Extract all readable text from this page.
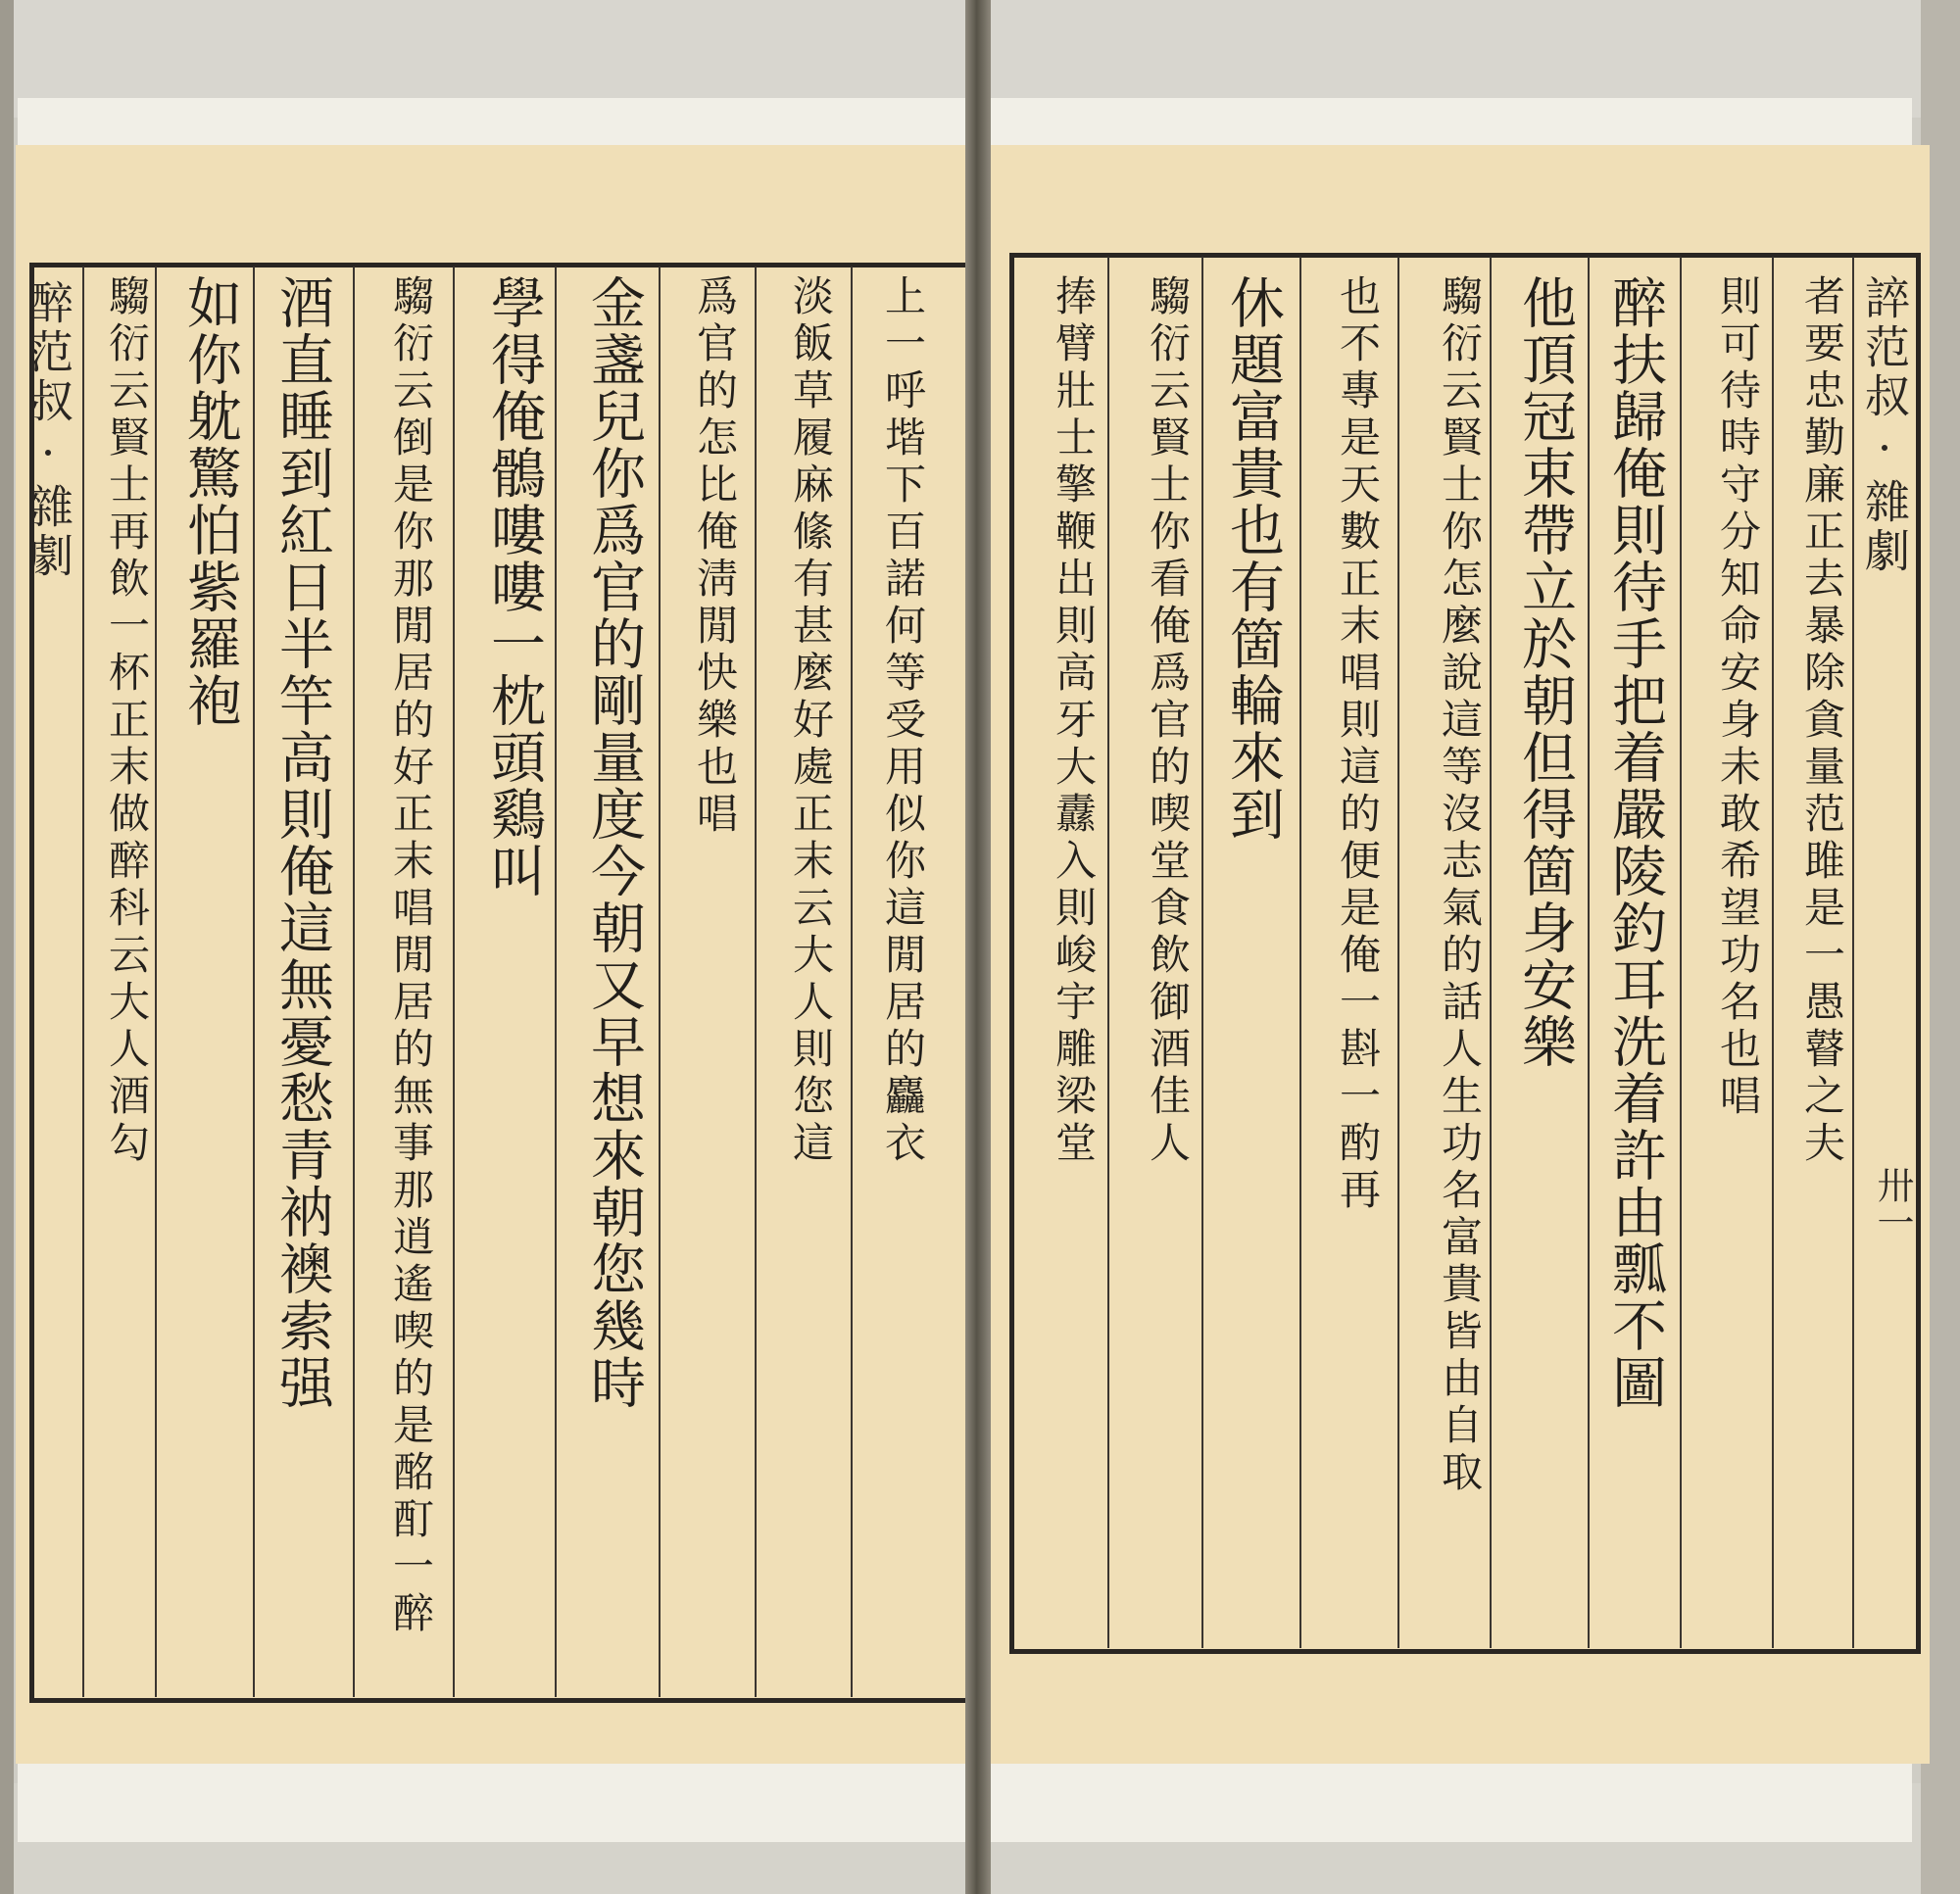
醉范叔·雜劇	上一呼堦下百諾何等受用似你這閒居的麤衣
淡飯草履麻絛有甚麼好處正末云大人則您這
爲官的怎比俺淸閒快樂也唱
金盞兒你爲官的剛量度今朝又早想來朝您幾時
學得俺鶻嘍嘍一枕頭鷄叫
騶衍云倒是你那閒居的好正末唱閒居的無事那逍遙喫的是酩酊一醉
酒直睡到紅日半竿高則俺這無憂愁青衲襖索强
如你躭驚怕紫羅袍
騶衍云賢士再飲一杯正末做醉科云大人酒勾	誶范叔·雜劇
卅一
者要忠勤廉正去暴除貪量范雎是一愚瞽之夫
則可待時守分知命安身未敢希望功名也唱
醉扶歸俺則待手把着嚴陵釣耳洗着許由瓢不圖
他頂冠束帶立於朝但得箇身安樂
騶衍云賢士你怎麼說這等沒志氣的話人生功名富貴皆由自取
也不專是天數正末唱則這的便是俺一斟一酌再
休題富貴也有箇輪來到
騶衍云賢士你看俺爲官的喫堂食飲御酒佳人
捧臂壯士擎鞭出則高牙大纛入則峻宇雕梁堂
